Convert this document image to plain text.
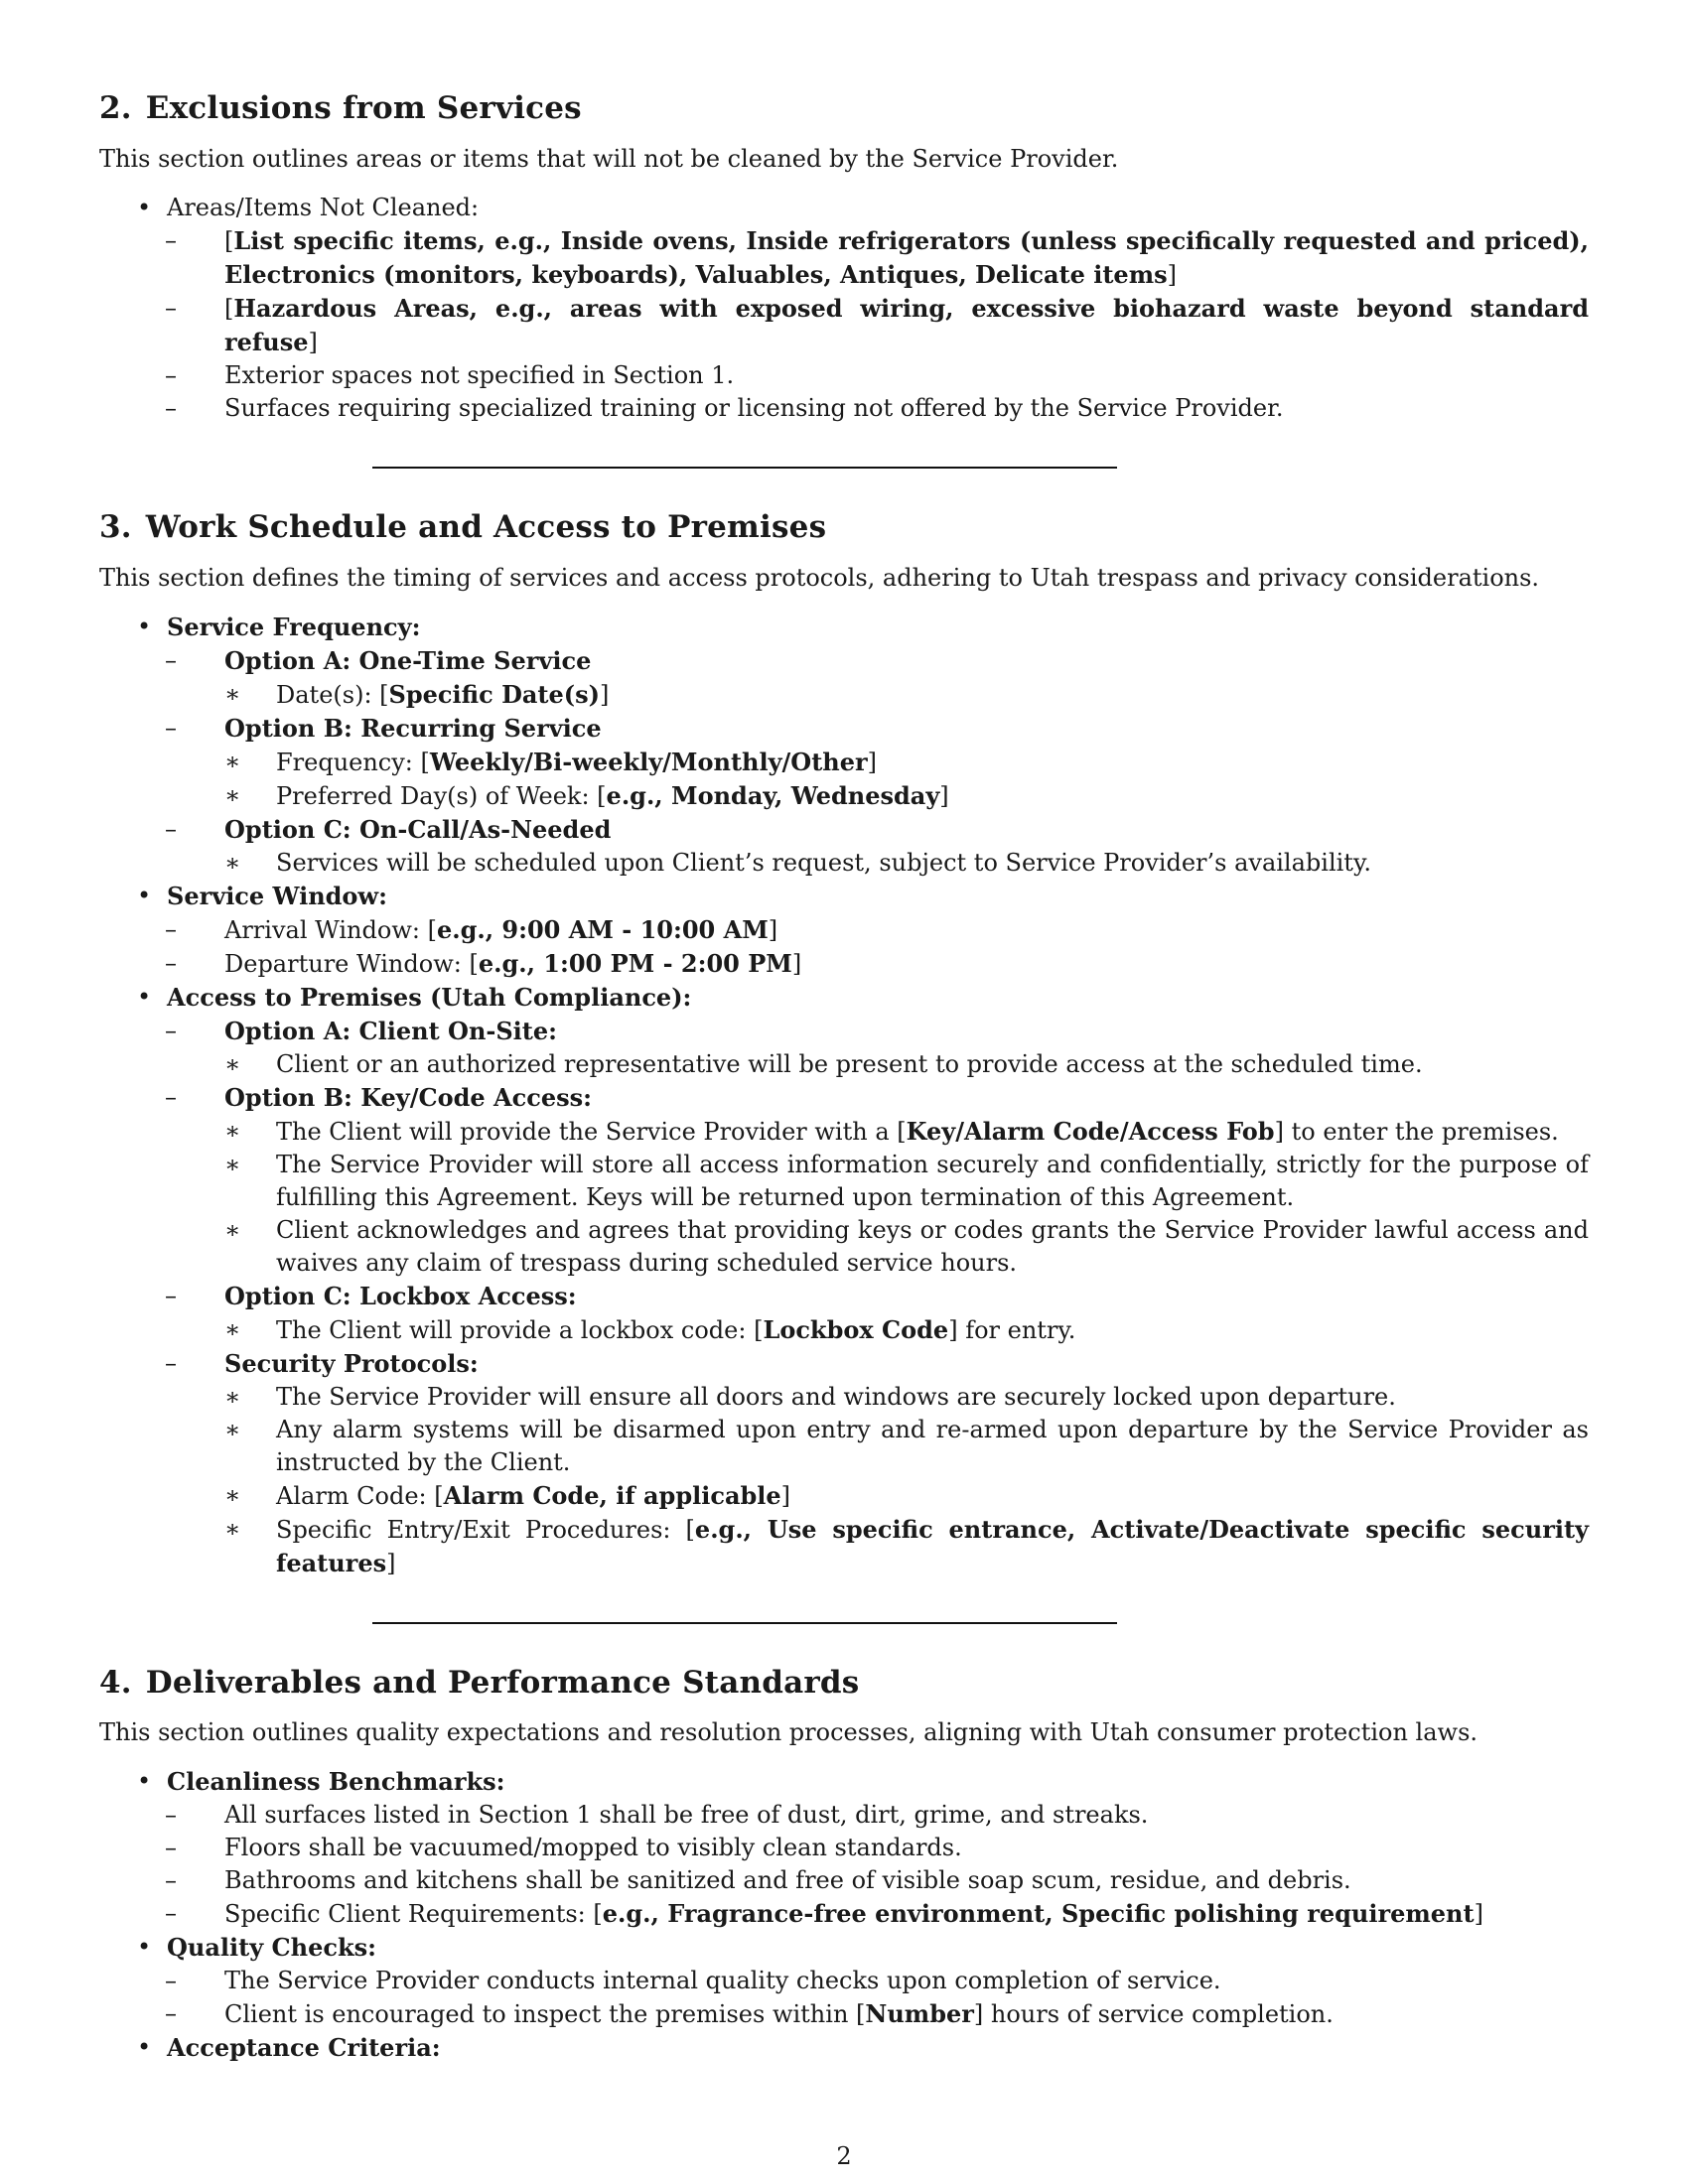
2. Exclusions from Services

This section outlines areas or items that will not be cleaned by the Service Provider.

• Areas/Items Not Cleaned:
– [List specific items, e.g., Inside ovens, Inside refrigerators (unless specifically requested and priced), Electronics (monitors, keyboards), Valuables, Antiques, Delicate items]
– [Hazardous Areas, e.g., areas with exposed wiring, excessive biohazard waste beyond standard refuse]
– Exterior spaces not specified in Section 1.
– Surfaces requiring specialized training or licensing not offered by the Service Provider.
3. Work Schedule and Access to Premises

This section defines the timing of services and access protocols, adhering to Utah trespass and privacy considerations.

• Service Frequency:
– Option A: One-Time Service
∗ Date(s): [Specific Date(s)]
– Option B: Recurring Service
∗ Frequency: [Weekly/Bi-weekly/Monthly/Other]
∗ Preferred Day(s) of Week: [e.g., Monday, Wednesday]
– Option C: On-Call/As-Needed
∗ Services will be scheduled upon Client’s request, subject to Service Provider’s availability.
• Service Window:
– Arrival Window: [e.g., 9:00 AM - 10:00 AM]
– Departure Window: [e.g., 1:00 PM - 2:00 PM]
• Access to Premises (Utah Compliance):
– Option A: Client On-Site:
∗ Client or an authorized representative will be present to provide access at the scheduled time.
– Option B: Key/Code Access:
∗ The Client will provide the Service Provider with a [Key/Alarm Code/Access Fob] to enter the premises.
∗ The Service Provider will store all access information securely and confidentially, strictly for the purpose of fulfilling this Agreement. Keys will be returned upon termination of this Agreement.
∗ Client acknowledges and agrees that providing keys or codes grants the Service Provider lawful access and waives any claim of trespass during scheduled service hours.
– Option C: Lockbox Access:
∗ The Client will provide a lockbox code: [Lockbox Code] for entry.
– Security Protocols:
∗ The Service Provider will ensure all doors and windows are securely locked upon departure.
∗ Any alarm systems will be disarmed upon entry and re-armed upon departure by the Service Provider as instructed by the Client.
∗ Alarm Code: [Alarm Code, if applicable]
∗ Specific Entry/Exit Procedures: [e.g., Use specific entrance, Activate/Deactivate specific security features]
4. Deliverables and Performance Standards

This section outlines quality expectations and resolution processes, aligning with Utah consumer protection laws.

• Cleanliness Benchmarks:
– All surfaces listed in Section 1 shall be free of dust, dirt, grime, and streaks.
– Floors shall be vacuumed/mopped to visibly clean standards.
– Bathrooms and kitchens shall be sanitized and free of visible soap scum, residue, and debris.
– Specific Client Requirements: [e.g., Fragrance-free environment, Specific polishing requirement]
• Quality Checks:
– The Service Provider conducts internal quality checks upon completion of service.
– Client is encouraged to inspect the premises within [Number] hours of service completion.
• Acceptance Criteria:
2
